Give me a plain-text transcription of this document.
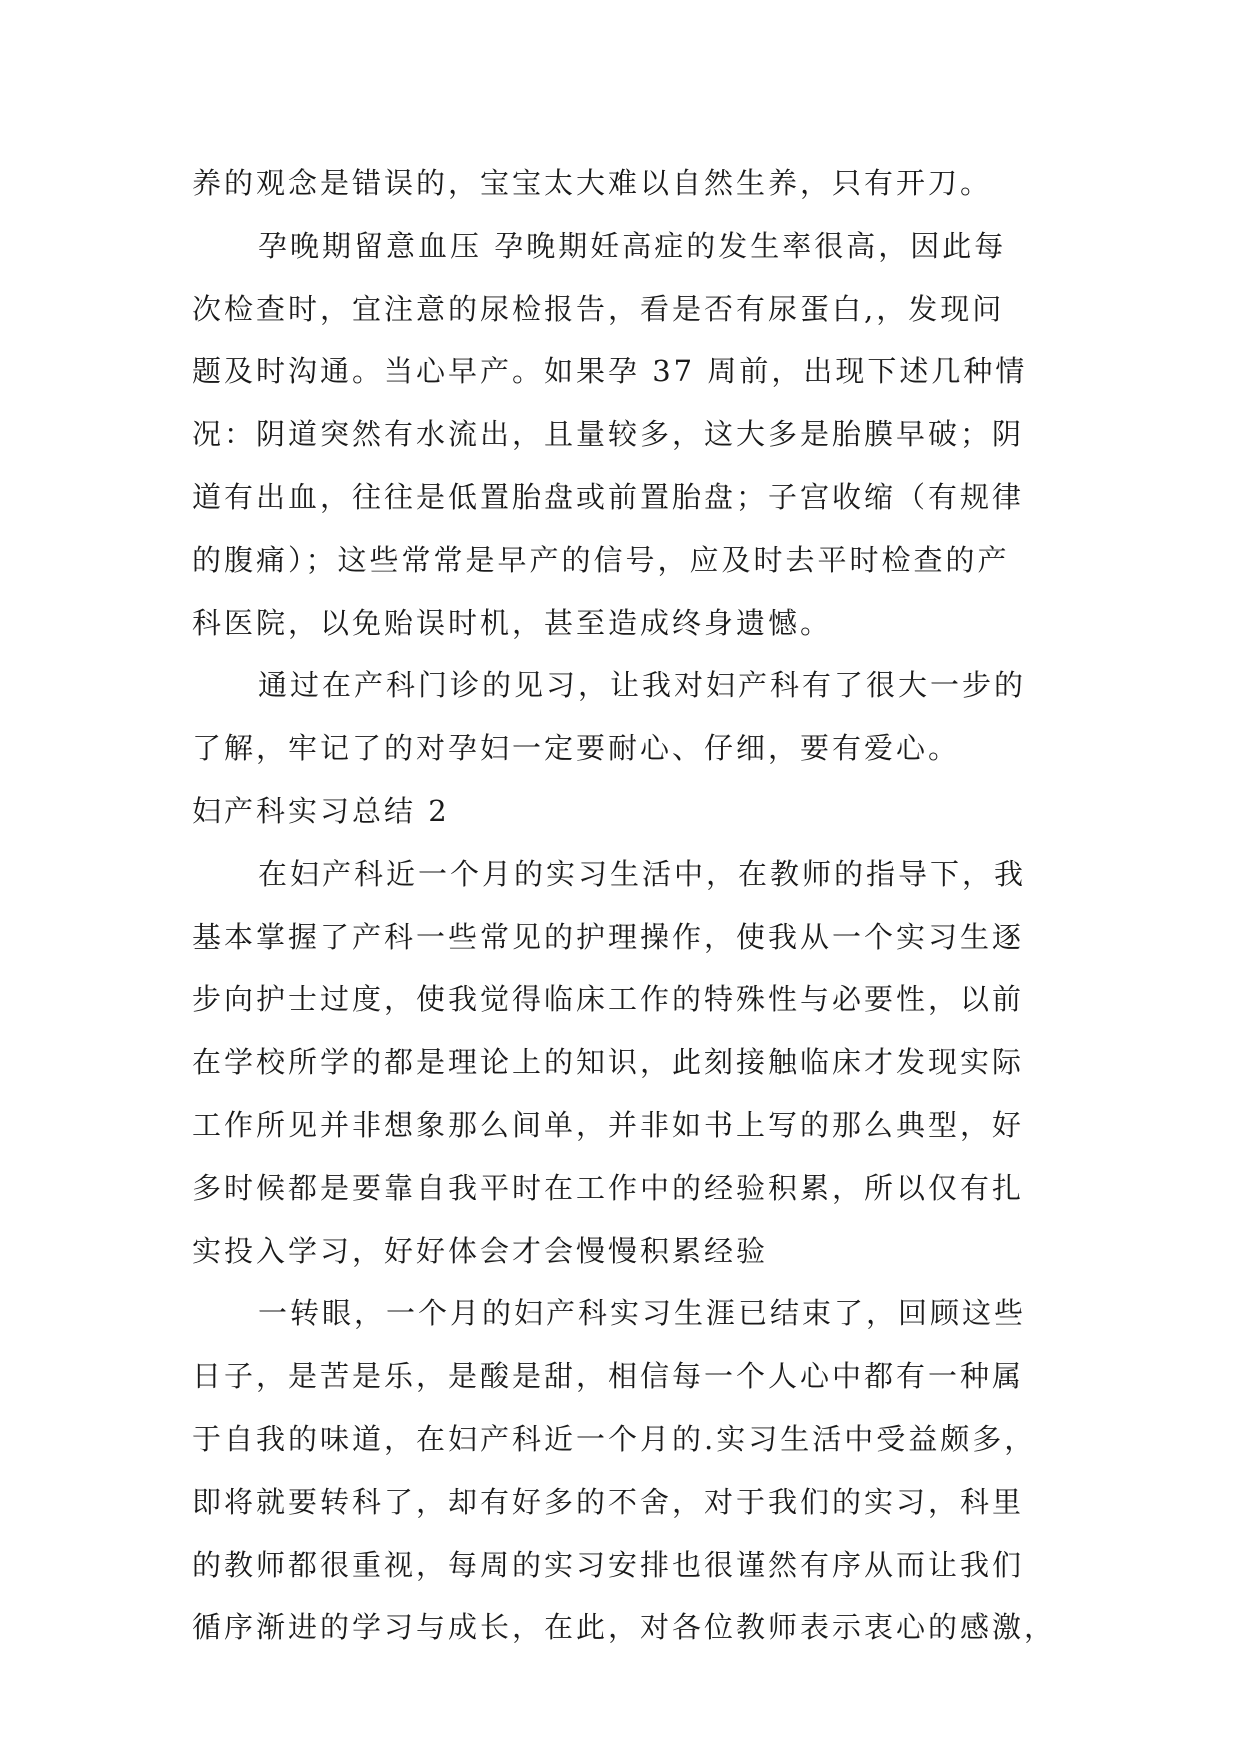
养的观念是错误的，宝宝太大难以自然生养，只有开刀。
孕晚期留意血压 孕晚期妊高症的发生率很高，因此每
次检查时，宜注意的尿检报告，看是否有尿蛋白,，发现问
题及时沟通。当心早产。如果孕 37 周前，出现下述几种情
况：阴道突然有水流出，且量较多，这大多是胎膜早破；阴
道有出血，往往是低置胎盘或前置胎盘；子宫收缩（有规律
的腹痛）；这些常常是早产的信号，应及时去平时检查的产
科医院，以免贻误时机，甚至造成终身遗憾。
通过在产科门诊的见习，让我对妇产科有了很大一步的
了解，牢记了的对孕妇一定要耐心、仔细，要有爱心。
妇产科实习总结 2
在妇产科近一个月的实习生活中，在教师的指导下，我
基本掌握了产科一些常见的护理操作，使我从一个实习生逐
步向护士过度，使我觉得临床工作的特殊性与必要性，以前
在学校所学的都是理论上的知识，此刻接触临床才发现实际
工作所见并非想象那么间单，并非如书上写的那么典型，好
多时候都是要靠自我平时在工作中的经验积累，所以仅有扎
实投入学习，好好体会才会慢慢积累经验
一转眼，一个月的妇产科实习生涯已结束了，回顾这些
日子，是苦是乐，是酸是甜，相信每一个人心中都有一种属
于自我的味道，在妇产科近一个月的.实习生活中受益颇多，
即将就要转科了，却有好多的不舍，对于我们的实习，科里
的教师都很重视，每周的实习安排也很谨然有序从而让我们
循序渐进的学习与成长，在此，对各位教师表示衷心的感激，
